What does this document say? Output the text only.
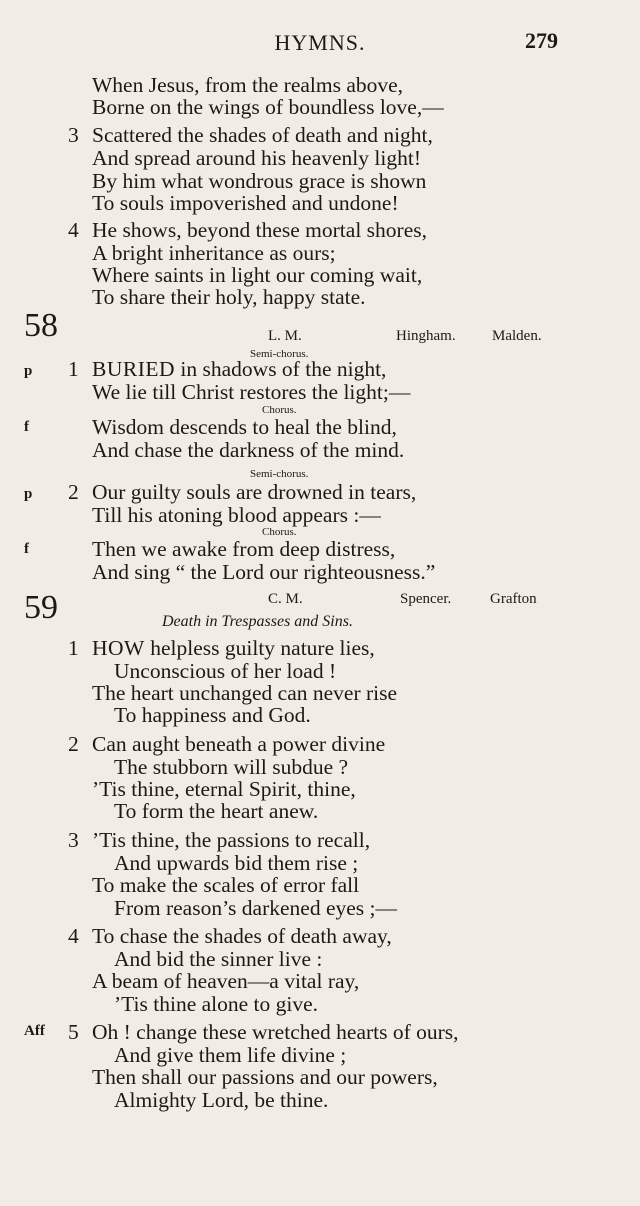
HYMNS.	279
When Jesus, from the realms above,
Borne on the wings of boundless love,—
3 Scattered the shades of death and night,
And spread around his heavenly light!
By him what wondrous grace is shown
To souls impoverished and undone!
4 He shows, beyond these mortal shores,
A bright inheritance as ours;
Where saints in light our coming wait,
To share their holy, happy state.
58	L. M.	Hingham. Malden.
Semi-chorus.
p 1 BURIED in shadows of the night,
We lie till Christ restores the light;—
Chorus.
f	Wisdom descends to heal the blind,
And chase the darkness of the mind.
Semi-chorus.
p 2 Our guilty souls are drowned in tears,
Till his atoning blood appears :—
Chorus.
f	Then we awake from deep distress,
And sing “ the Lord our righteousness.”
59	C. M.	Spencer.	Grafton
Death in Trespasses and Sins.
1 HOW helpless guilty nature lies,
Unconscious of her load !
The heart unchanged can never rise
To happiness and God.
2 Can aught beneath a power divine
The stubborn will subdue ?
’Tis thine, eternal Spirit, thine,
To form the heart anew.
3 ’Tis thine, the passions to recall,
And upwards bid them rise ;
To make the scales of error fall
From reason’s darkened eyes ;—
4 To chase the shades of death away,
And bid the sinner live :
A beam of heaven—a vital ray,
’Tis thine alone to give.
Aff 5 Oh ! change these wretched hearts of ours,
And give them life divine ;
Then shall our passions and our powers,
Almighty Lord, be thine.
